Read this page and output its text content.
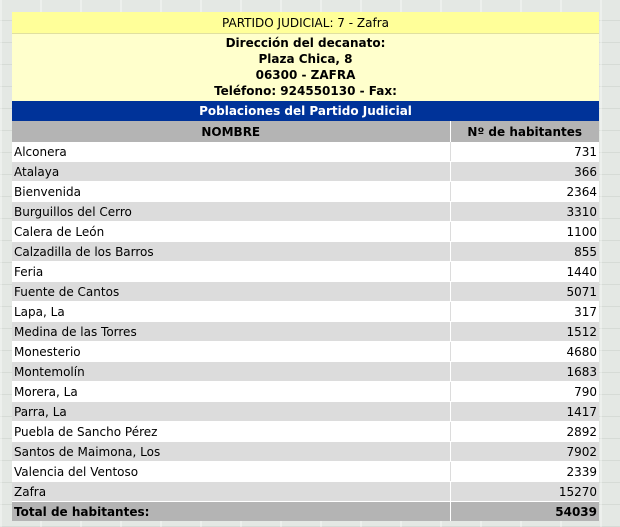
PARTIDO JUDICIAL: 7 - Zafra

Dirección del decanato:
Plaza Chica, 8
06300 - ZAFRA
Teléfono: 924550130 - Fax:

Poblaciones del Partido Judicial
NOMBRE	Nº de habitantes
Alconera	731
Atalaya	366
Bienvenida	2364
Burguillos del Cerro	3310
Calera de León	1100
Calzadilla de los Barros	855
Feria	1440
Fuente de Cantos	5071
Lapa, La	317
Medina de las Torres	1512
Monesterio	4680
Montemolín	1683
Morera, La	790
Parra, La	1417
Puebla de Sancho Pérez	2892
Santos de Maimona, Los	7902
Valencia del Ventoso	2339
Zafra	15270
Total de habitantes:	54039
